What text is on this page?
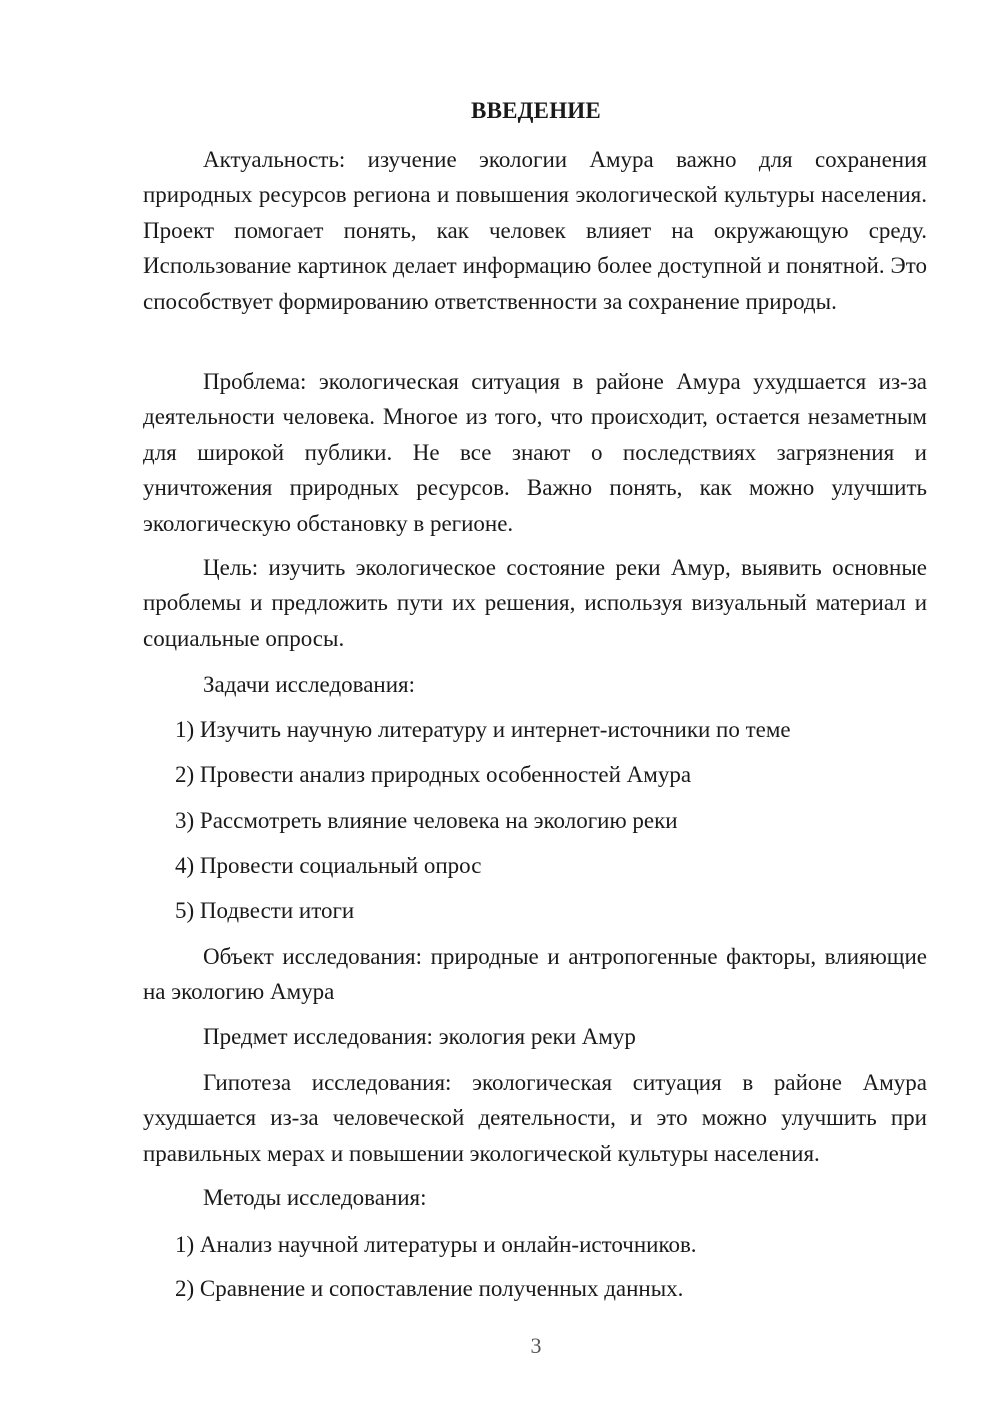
ВВЕДЕНИЕ

Актуальность: изучение экологии Амура важно для сохранения природных ресурсов региона и повышения экологической культуры населения. Проект помогает понять, как человек влияет на окружающую среду. Использование картинок делает информацию более доступной и понятной. Это способствует формированию ответственности за сохранение природы.

Проблема: экологическая ситуация в районе Амура ухудшается из-за деятельности человека. Многое из того, что происходит, остается незаметным для широкой публики. Не все знают о последствиях загрязнения и уничтожения природных ресурсов. Важно понять, как можно улучшить экологическую обстановку в регионе.

Цель: изучить экологическое состояние реки Амур, выявить основные проблемы и предложить пути их решения, используя визуальный материал и социальные опросы.

Задачи исследования:
1) Изучить научную литературу и интернет-источники по теме
2) Провести анализ природных особенностей Амура
3) Рассмотреть влияние человека на экологию реки
4) Провести социальный опрос
5) Подвести итоги

Объект исследования: природные и антропогенные факторы, влияющие на экологию Амура

Предмет исследования: экология реки Амур

Гипотеза исследования: экологическая ситуация в районе Амура ухудшается из-за человеческой деятельности, и это можно улучшить при правильных мерах и повышении экологической культуры населения.

Методы исследования:
1) Анализ научной литературы и онлайн-источников.
2) Сравнение и сопоставление полученных данных.
3
